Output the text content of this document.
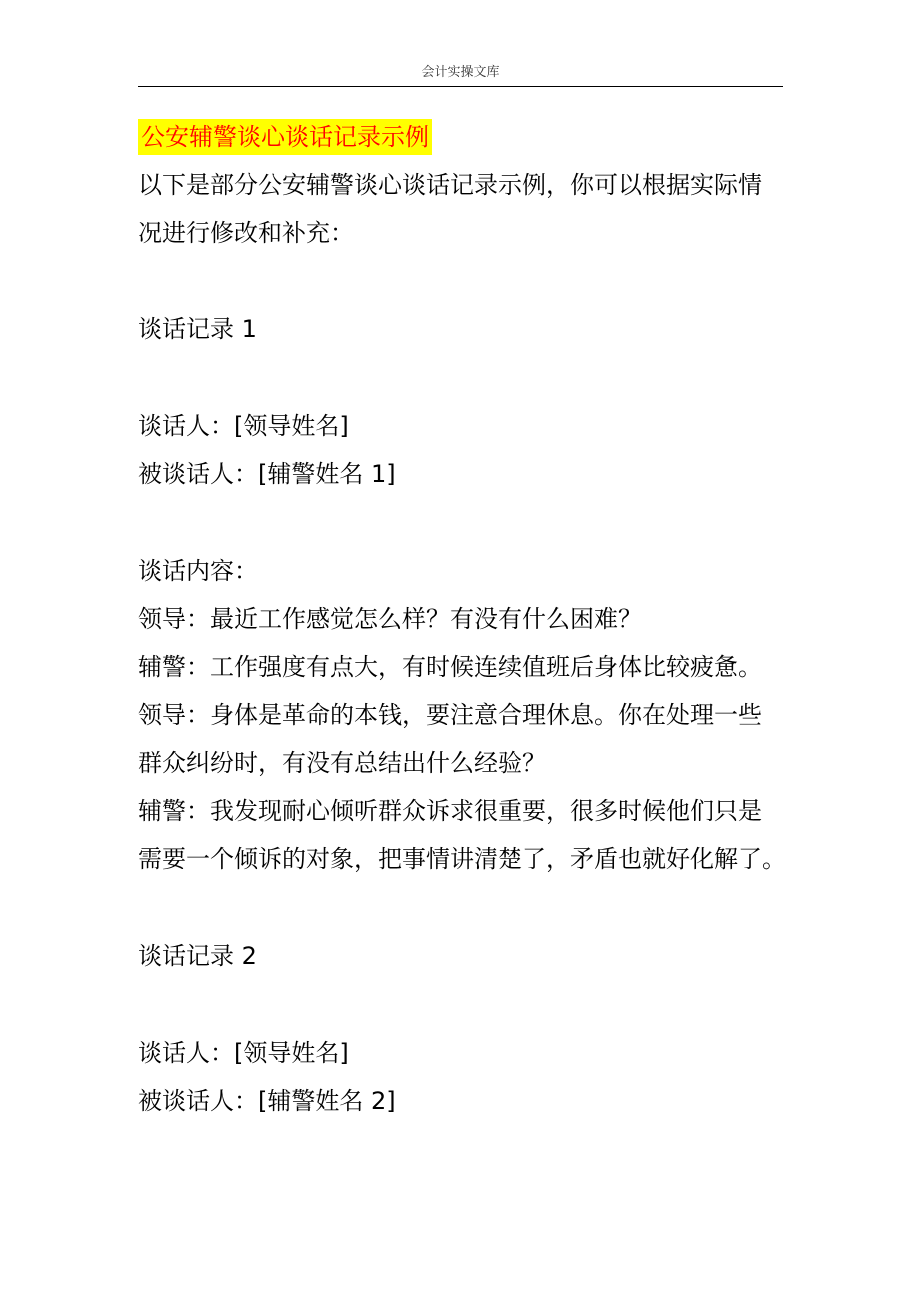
会计实操文库
公安辅警谈心谈话记录示例
以下是部分公安辅警谈心谈话记录示例，你可以根据实际情
况进行修改和补充：
谈话记录 1
谈话人：[领导姓名]
被谈话人：[辅警姓名 1]
谈话内容：
领导：最近工作感觉怎么样？有没有什么困难？
辅警：工作强度有点大，有时候连续值班后身体比较疲惫。
领导：身体是革命的本钱，要注意合理休息。你在处理一些
群众纠纷时，有没有总结出什么经验？
辅警：我发现耐心倾听群众诉求很重要，很多时候他们只是
需要一个倾诉的对象，把事情讲清楚了，矛盾也就好化解了。
谈话记录 2
谈话人：[领导姓名]
被谈话人：[辅警姓名 2]
